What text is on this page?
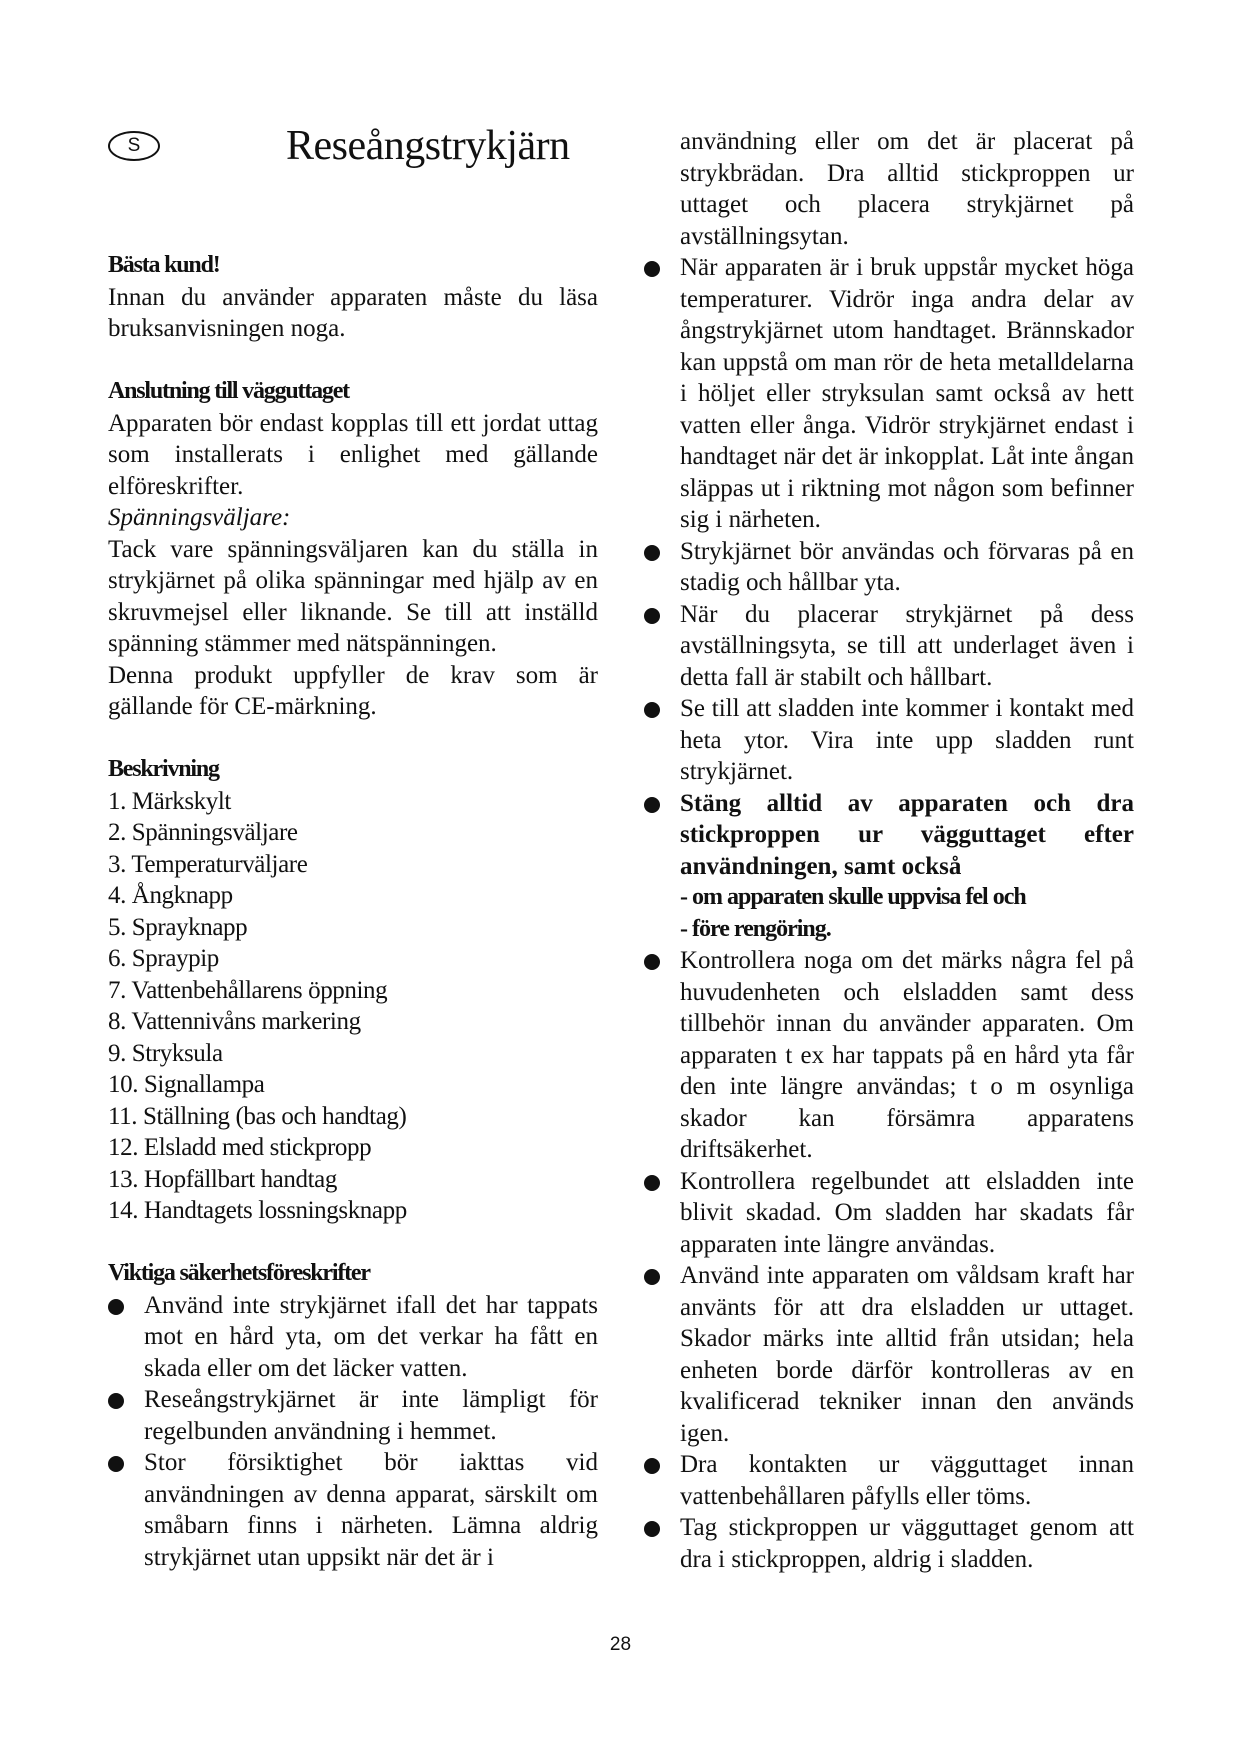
S	Reseångstrykjärn

Bästa kund!

Innan du använder apparaten måste du läsa bruksanvisningen noga.

Anslutning till vägguttaget

Apparaten bör endast kopplas till ett jordat uttag som installerats i enlighet med gällande elföreskrifter.

Spänningsväljare:

Tack vare spänningsväljaren kan du ställa in strykjärnet på olika spänningar med hjälp av en skruvmejsel eller liknande. Se till att inställd spänning stämmer med nätspänningen.

Denna produkt uppfyller de krav som är gällande för CE-märkning.

Beskrivning

1. Märkskylt
2. Spänningsväljare
3. Temperaturväljare
4. Ångknapp
5. Sprayknapp
6. Spraypip
7. Vattenbehållarens öppning
8. Vattennivåns markering
9. Stryksula
10. Signallampa
11. Ställning (bas och handtag)
12. Elsladd med stickpropp
13. Hopfällbart handtag
14. Handtagets lossningsknapp

Viktiga säkerhetsföreskrifter

Använd inte strykjärnet ifall det har tappats mot en hård yta, om det verkar ha fått en skada eller om det läcker vatten.
Reseångstrykjärnet är inte lämpligt för regelbunden användning i hemmet.
Stor försiktighet bör iakttas vid användningen av denna apparat, särskilt om småbarn finns i närheten. Lämna aldrig strykjärnet utan uppsikt när det är i
användning eller om det är placerat på strykbrädan. Dra alltid stickproppen ur uttaget och placera strykjärnet på avställningsytan.
När apparaten är i bruk uppstår mycket höga temperaturer. Vidrör inga andra delar av ångstrykjärnet utom handtaget. Brännskador kan uppstå om man rör de heta metalldelarna i höljet eller stryksulan samt också av hett vatten eller ånga. Vidrör strykjärnet endast i handtaget när det är inkopplat. Låt inte ångan släppas ut i riktning mot någon som befinner sig i närheten.
Strykjärnet bör användas och förvaras på en stadig och hållbar yta.
När du placerar strykjärnet på dess avställningsyta, se till att underlaget även i detta fall är stabilt och hållbart.
Se till att sladden inte kommer i kontakt med heta ytor. Vira inte upp sladden runt strykjärnet.
Stäng alltid av apparaten och dra stickproppen ur vägguttaget efter användningen, samt också
- om apparaten skulle uppvisa fel och
- före rengöring.
Kontrollera noga om det märks några fel på huvudenheten och elsladden samt dess tillbehör innan du använder apparaten. Om apparaten t ex har tappats på en hård yta får den inte längre användas; t o m osynliga skador kan försämra apparatens driftsäkerhet.
Kontrollera regelbundet att elsladden inte blivit skadad. Om sladden har skadats får apparaten inte längre användas.
Använd inte apparaten om våldsam kraft har använts för att dra elsladden ur uttaget. Skador märks inte alltid från utsidan; hela enheten borde därför kontrolleras av en kvalificerad tekniker innan den används igen.
Dra kontakten ur vägguttaget innan vattenbehållaren påfylls eller töms.
Tag stickproppen ur vägguttaget genom att dra i stickproppen, aldrig i sladden.
28
